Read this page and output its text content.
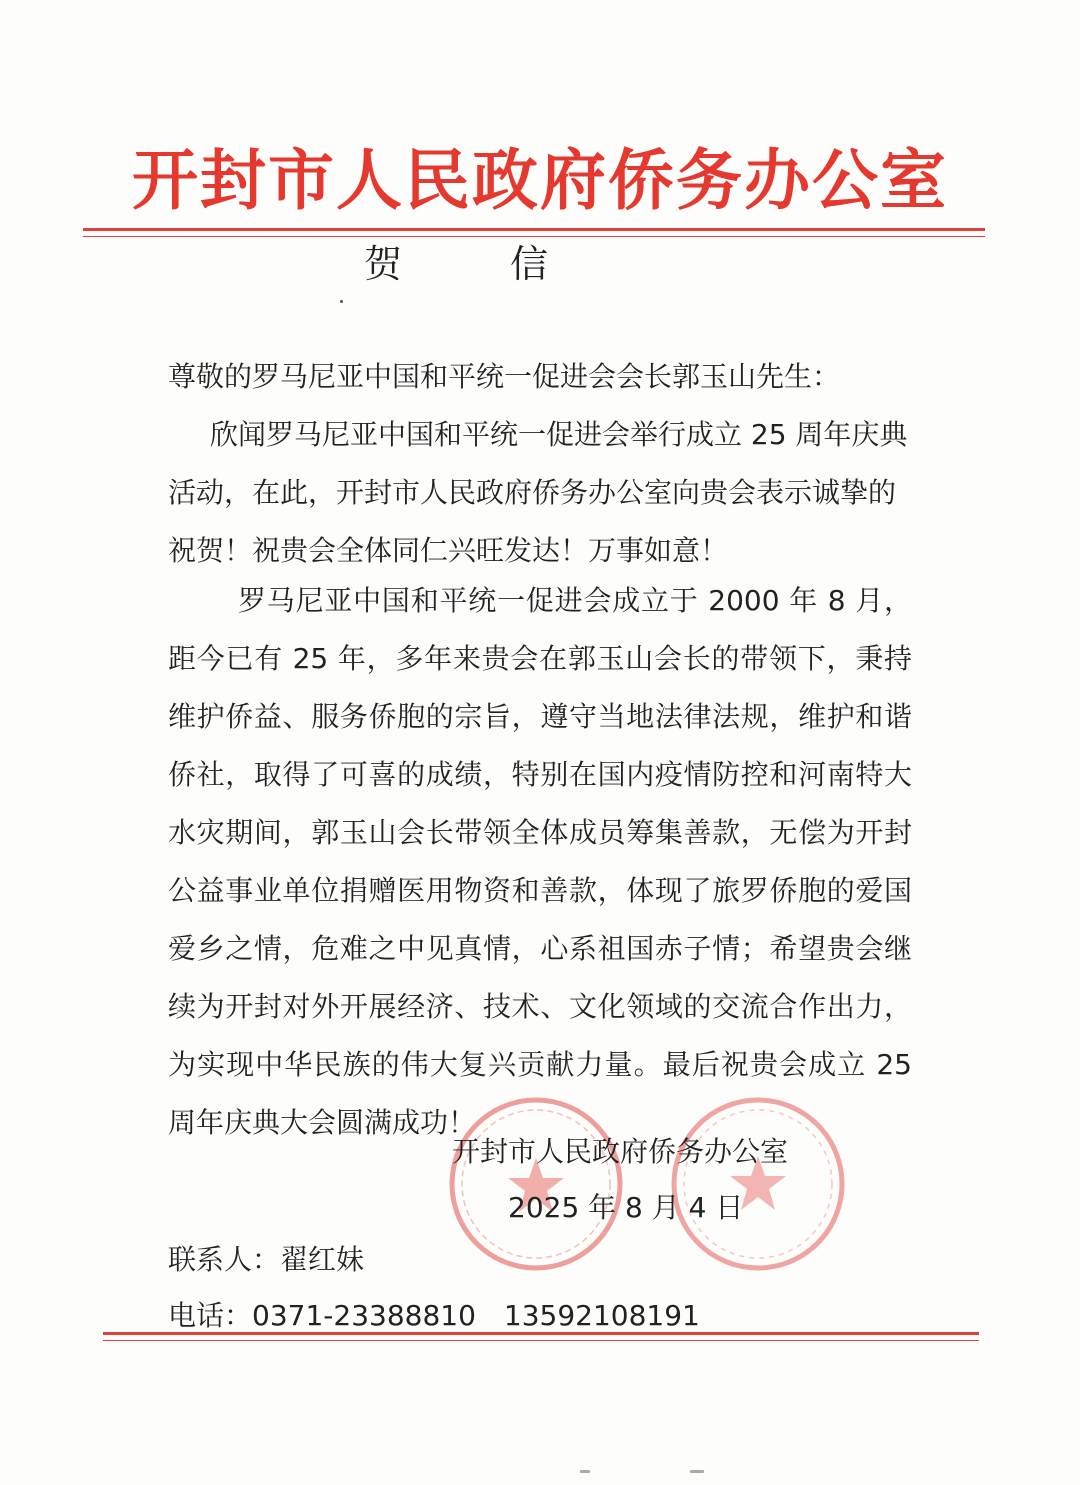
开封市人民政府侨务办公室
贺 信
尊敬的罗马尼亚中国和平统一促进会会长郭玉山先生：
欣闻罗马尼亚中国和平统一促进会举行成立 25 周年庆典活动，在此，开封市人民政府侨务办公室向贵会表示诚挚的祝贺！祝贵会全体同仁兴旺发达！万事如意！
罗马尼亚中国和平统一促进会成立于 2000 年 8 月，距今已有 25 年，多年来贵会在郭玉山会长的带领下，秉持维护侨益、服务侨胞的宗旨，遵守当地法律法规，维护和谐侨社，取得了可喜的成绩，特别在国内疫情防控和河南特大水灾期间，郭玉山会长带领全体成员筹集善款，无偿为开封公益事业单位捐赠医用物资和善款，体现了旅罗侨胞的爱国爱乡之情，危难之中见真情，心系祖国赤子情；希望贵会继续为开封对外开展经济、技术、文化领域的交流合作出力，为实现中华民族的伟大复兴贡献力量。最后祝贵会成立 25 周年庆典大会圆满成功！
开封市人民政府侨务办公室
2025 年 8 月 4 日
联系人：翟红妹
电话：0371-23388810 13592108191
